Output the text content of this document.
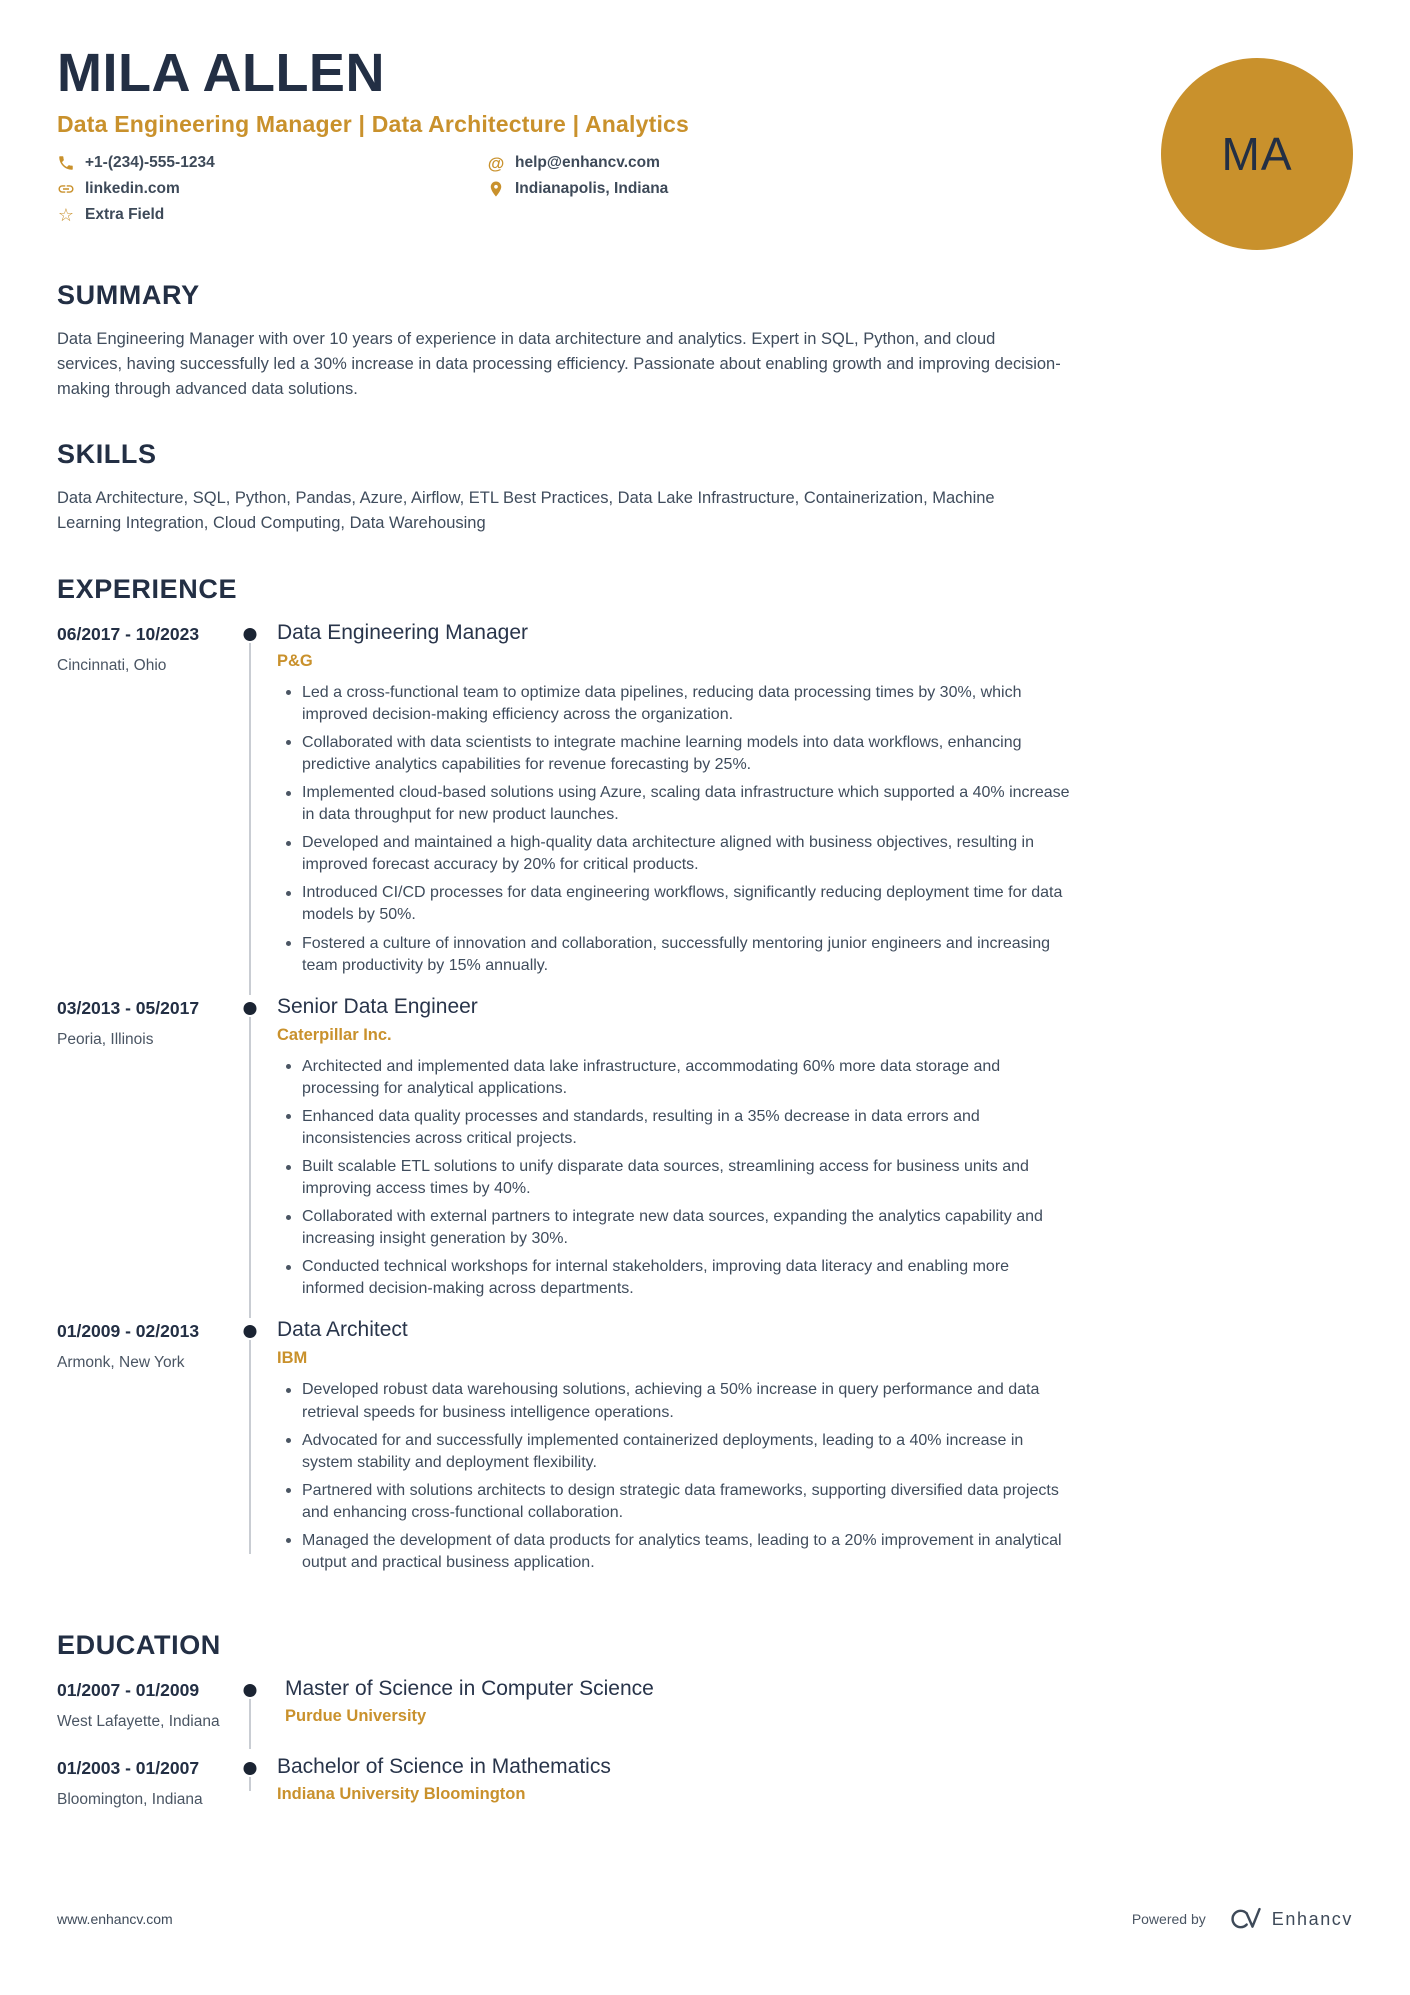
MILA ALLEN
Data Engineering Manager | Data Architecture | Analytics
+1-(234)-555-1234
linkedin.com
☆ Extra Field
@ help@enhancv.com
Indianapolis, Indiana
MA
SUMMARY

Data Engineering Manager with over 10 years of experience in data architecture and analytics. Expert in SQL, Python, and cloud services, having successfully led a 30% increase in data processing efficiency. Passionate about enabling growth and improving decision-making through advanced data solutions.

SKILLS

Data Architecture, SQL, Python, Pandas, Azure, Airflow, ETL Best Practices, Data Lake Infrastructure, Containerization, Machine Learning Integration, Cloud Computing, Data Warehousing

EXPERIENCE
06/2017 - 10/2023
Cincinnati, Ohio
Data Engineering Manager
P&G
Led a cross-functional team to optimize data pipelines, reducing data processing times by 30%, which improved decision-making efficiency across the organization.
Collaborated with data scientists to integrate machine learning models into data workflows, enhancing predictive analytics capabilities for revenue forecasting by 25%.
Implemented cloud-based solutions using Azure, scaling data infrastructure which supported a 40% increase in data throughput for new product launches.
Developed and maintained a high-quality data architecture aligned with business objectives, resulting in improved forecast accuracy by 20% for critical products.
Introduced CI/CD processes for data engineering workflows, significantly reducing deployment time for data models by 50%.
Fostered a culture of innovation and collaboration, successfully mentoring junior engineers and increasing team productivity by 15% annually.
03/2013 - 05/2017
Peoria, Illinois
Senior Data Engineer
Caterpillar Inc.
Architected and implemented data lake infrastructure, accommodating 60% more data storage and processing for analytical applications.
Enhanced data quality processes and standards, resulting in a 35% decrease in data errors and inconsistencies across critical projects.
Built scalable ETL solutions to unify disparate data sources, streamlining access for business units and improving access times by 40%.
Collaborated with external partners to integrate new data sources, expanding the analytics capability and increasing insight generation by 30%.
Conducted technical workshops for internal stakeholders, improving data literacy and enabling more informed decision-making across departments.
01/2009 - 02/2013
Armonk, New York
Data Architect
IBM
Developed robust data warehousing solutions, achieving a 50% increase in query performance and data retrieval speeds for business intelligence operations.
Advocated for and successfully implemented containerized deployments, leading to a 40% increase in system stability and deployment flexibility.
Partnered with solutions architects to design strategic data frameworks, supporting diversified data projects and enhancing cross-functional collaboration.
Managed the development of data products for analytics teams, leading to a 20% improvement in analytical output and practical business application.
EDUCATION
01/2007 - 01/2009
West Lafayette, Indiana
Master of Science in Computer Science
Purdue University
01/2003 - 01/2007
Bloomington, Indiana
Bachelor of Science in Mathematics
Indiana University Bloomington
www.enhancv.com	Powered by	Enhancv
